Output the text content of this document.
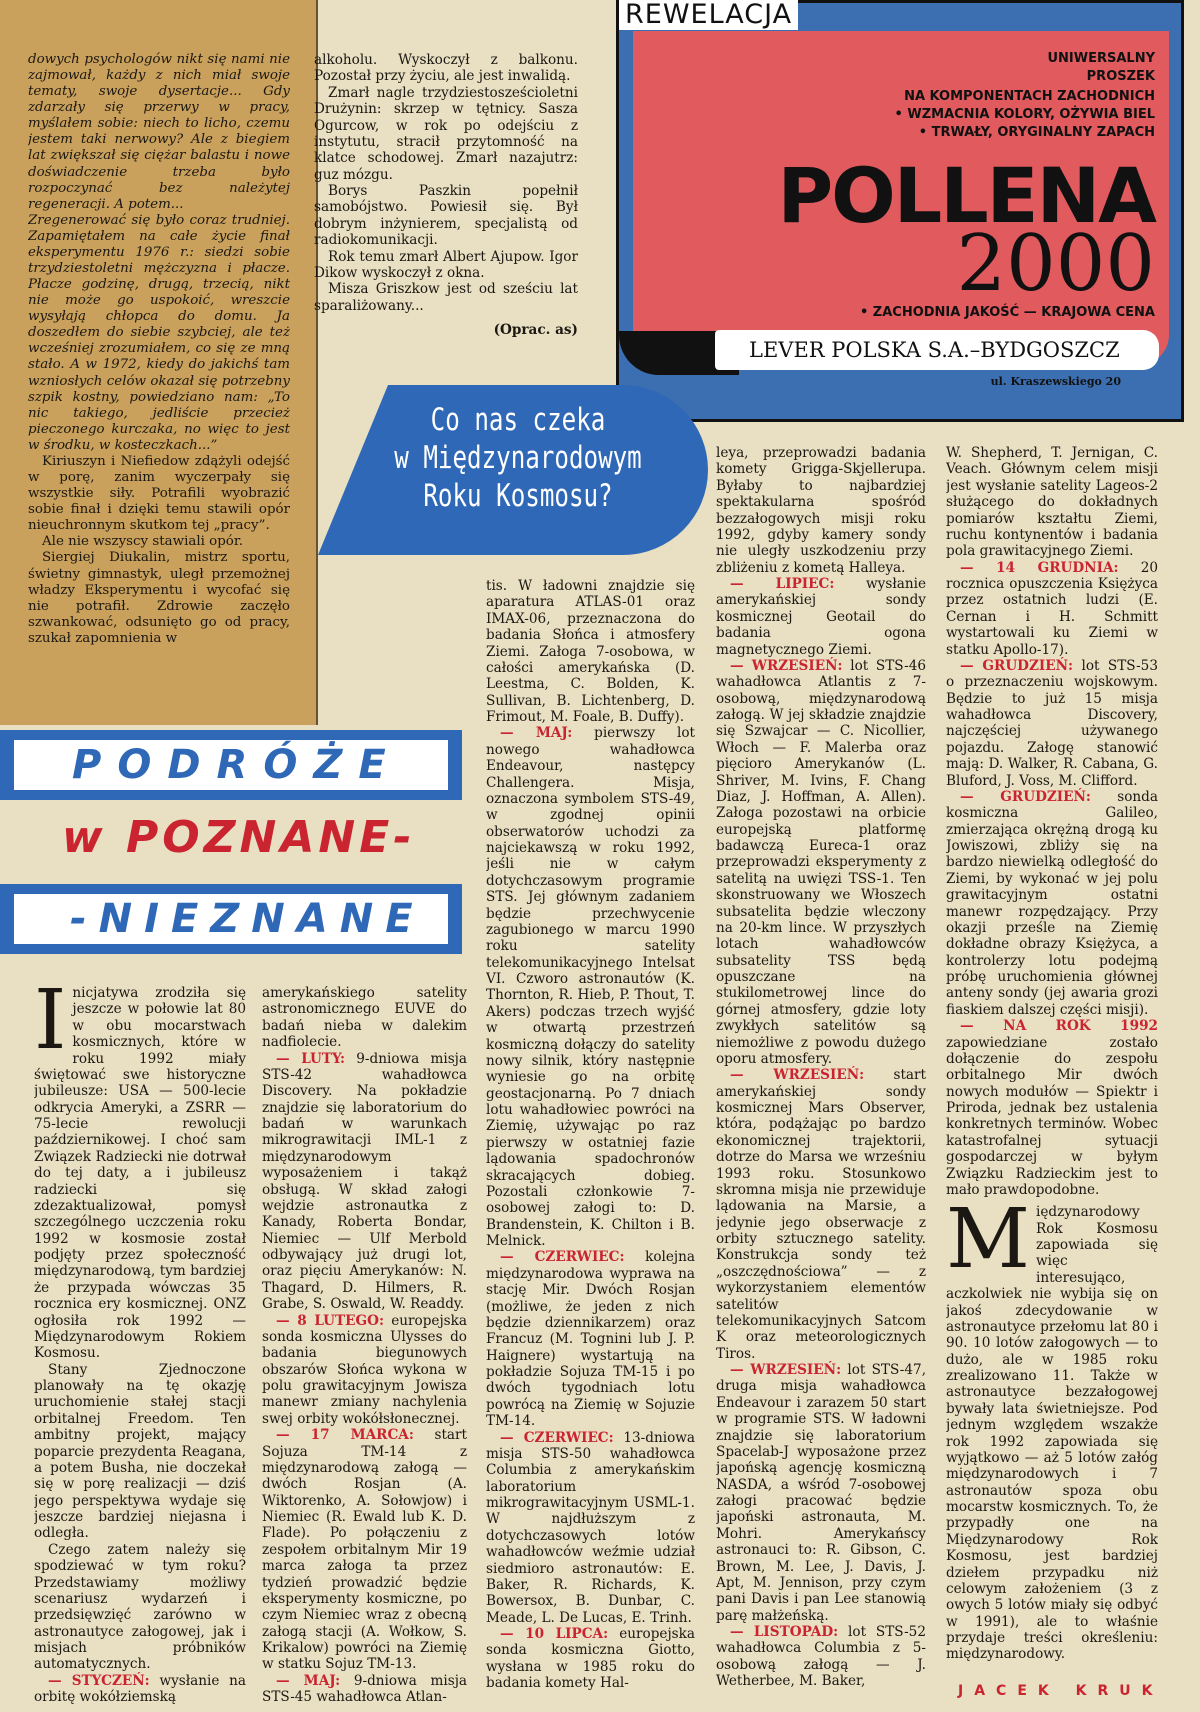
dowych psychologów nikt się nami nie zajmował, każdy z nich miał swoje tematy, swoje dysertacje... Gdy zdarzały się przerwy w pracy, myślałem sobie: niech to licho, czemu jestem taki nerwowy? Ale z biegiem lat zwiększał się ciężar balastu i nowe doświadczenie trzeba było rozpoczynać bez należytej regeneracji. A potem...

Zregenerować się było coraz trudniej. Zapamiętałem na całe życie finał eksperymentu 1976 r.: siedzi sobie trzydziestoletni mężczyzna i płacze. Płacze godzinę, drugą, trzecią, nikt nie może go uspokoić, wreszcie wysyłają chłopca do domu. Ja doszedłem do siebie szybciej, ale też wcześniej zrozumiałem, co się ze mną stało. A w 1972, kiedy do jakichś tam wzniosłych celów okazał się potrzebny szpik kostny, powiedziano nam: „To nic takiego, jedliście przecież pieczonego kurczaka, no więc to jest w środku, w kosteczkach...”

Kiriuszyn i Niefiedow zdążyli odejść w porę, zanim wyczerpały się wszystkie siły. Potrafili wyobrazić sobie finał i dzięki temu stawili opór nieuchronnym skutkom tej „pracy”.

Ale nie wszyscy stawiali opór.

Siergiej Diukalin, mistrz sportu, świetny gimnastyk, uległ przemożnej władzy Eksperymentu i wycofać się nie potrafił. Zdrowie zaczęło szwankować, odsunięto go od pracy, szukał zapomnienia w

alkoholu. Wyskoczył z balkonu. Pozostał przy życiu, ale jest inwalidą.

Zmarł nagle trzydziestosześcioletni Drużynin: skrzep w tętnicy. Sasza Ogurcow, w rok po odejściu z instytutu, stracił przytomność na klatce schodowej. Zmarł nazajutrz: guz mózgu.

Borys Paszkin popełnił samobójstwo. Powiesił się. Był dobrym inżynierem, specjalistą od radiokomunikacji.

Rok temu zmarł Albert Ajupow. Igor Dikow wyskoczył z okna.

Misza Griszkow jest od sześciu lat sparaliżowany...

(Oprac. as)
REWELACJA
UNIWERSALNY
PROSZEK
NA KOMPONENTACH ZACHODNICH
• WZMACNIA KOLORY, OŻYWIA BIEL
• TRWAŁY, ORYGINALNY ZAPACH
POLLENA
2000
• ZACHODNIA JAKOŚĆ — KRAJOWA CENA
LEVER POLSKA S.A.–BYDGOSZCZ
ul. Kraszewskiego 20
Co nas czeka
w Międzynarodowym
Roku Kosmosu?
PODRÓŻE
w POZNANE-
-NIEZNANE
I nicjatywa zrodziła się jeszcze w połowie lat 80 w obu mocarstwach kosmicznych, które w roku 1992 miały świętować swe historyczne jubileusze: USA — 500-lecie odkrycia Ameryki, a ZSRR — 75-lecie rewolucji październikowej. I choć sam Związek Radziecki nie dotrwał do tej daty, a i jubileusz radziecki się zdezaktualizował, pomysł szczególnego uczczenia roku 1992 w kosmosie został podjęty przez społeczność międzynarodową, tym bardziej że przypada wówczas 35 rocznica ery kosmicznej. ONZ ogłosiła rok 1992 — Międzynarodowym Rokiem Kosmosu.

Stany Zjednoczone planowały na tę okazję uruchomienie stałej stacji orbitalnej Freedom. Ten ambitny projekt, mający poparcie prezydenta Reagana, a potem Busha, nie doczekał się w porę realizacji — dziś jego perspektywa wydaje się jeszcze bardziej niejasna i odległa.

Czego zatem należy się spodziewać w tym roku? Przedstawiamy możliwy scenariusz wydarzeń i przedsięwzięć zarówno w astronautyce załogowej, jak i misjach próbników automatycznych.

— STYCZEŃ: wysłanie na orbitę wokółziemską

amerykańskiego satelity astronomicznego EUVE do badań nieba w dalekim nadfiolecie.

— LUTY: 9-dniowa misja STS-42 wahadłowca Discovery. Na pokładzie znajdzie się laboratorium do badań w warunkach mikrograwitacji IML-1 z międzynarodowym wyposażeniem i takąż obsługą. W skład załogi wejdzie astronautka z Kanady, Roberta Bondar, Niemiec — Ulf Merbold odbywający już drugi lot, oraz pięciu Amerykanów: N. Thagard, D. Hilmers, R. Grabe, S. Oswald, W. Readdy.

— 8 LUTEGO: europejska sonda kosmiczna Ulysses do badania biegunowych obszarów Słońca wykona w polu grawitacyjnym Jowisza manewr zmiany nachylenia swej orbity wokółsłonecznej.

— 17 MARCA: start Sojuza TM-14 z międzynarodową załogą — dwóch Rosjan (A. Wiktorenko, A. Sołowjow) i Niemiec (R. Ewald lub K. D. Flade). Po połączeniu z zespołem orbitalnym Mir 19 marca załoga ta przez tydzień prowadzić będzie eksperymenty kosmiczne, po czym Niemiec wraz z obecną załogą stacji (A. Wołkow, S. Krikalow) powróci na Ziemię w statku Sojuz TM-13.

— MAJ: 9-dniowa misja STS-45 wahadłowca Atlan-

tis. W ładowni znajdzie się aparatura ATLAS-01 oraz IMAX-06, przeznaczona do badania Słońca i atmosfery Ziemi. Załoga 7-osobowa, w całości amerykańska (D. Leestma, C. Bolden, K. Sullivan, B. Lichtenberg, D. Frimout, M. Foale, B. Duffy).

— MAJ: pierwszy lot nowego wahadłowca Endeavour, następcy Challengera. Misja, oznaczona symbolem STS-49, w zgodnej opinii obserwatorów uchodzi za najciekawszą w roku 1992, jeśli nie w całym dotychczasowym programie STS. Jej głównym zadaniem będzie przechwycenie zagubionego w marcu 1990 roku satelity telekomunikacyjnego Intelsat VI. Czworo astronautów (K. Thornton, R. Hieb, P. Thout, T. Akers) podczas trzech wyjść w otwartą przestrzeń kosmiczną dołączy do satelity nowy silnik, który następnie wyniesie go na orbitę geostacjonarną. Po 7 dniach lotu wahadłowiec powróci na Ziemię, używając po raz pierwszy w ostatniej fazie lądowania spadochronów skracających dobieg. Pozostali członkowie 7-osobowej załogi to: D. Brandenstein, K. Chilton i B. Melnick.

— CZERWIEC: kolejna międzynarodowa wyprawa na stację Mir. Dwóch Rosjan (możliwe, że jeden z nich będzie dziennikarzem) oraz Francuz (M. Tognini lub J. P. Haignere) wystartują na pokładzie Sojuza TM-15 i po dwóch tygodniach lotu powrócą na Ziemię w Sojuzie TM-14.

— CZERWIEC: 13-dniowa misja STS-50 wahadłowca Columbia z amerykańskim laboratorium mikrograwitacyjnym USML-1. W najdłuższym z dotychczasowych lotów wahadłowców weźmie udział siedmioro astronautów: E. Baker, R. Richards, K. Bowersox, B. Dunbar, C. Meade, L. De Lucas, E. Trinh.

— 10 LIPCA: europejska sonda kosmiczna Giotto, wysłana w 1985 roku do badania komety Hal-

leya, przeprowadzi badania komety Grigga-Skjellerupa. Byłaby to najbardziej spektakularna spośród bezzałogowych misji roku 1992, gdyby kamery sondy nie uległy uszkodzeniu przy zbliżeniu z kometą Halleya.

— LIPIEC: wysłanie amerykańskiej sondy kosmicznej Geotail do badania ogona magnetycznego Ziemi.

— WRZESIEŃ: lot STS-46 wahadłowca Atlantis z 7-osobową, międzynarodową załogą. W jej składzie znajdzie się Szwajcar — C. Nicollier, Włoch — F. Malerba oraz pięciorо Amerykanów (L. Shriver, M. Ivins, F. Chang Diaz, J. Hoffman, A. Allen). Załoga pozostawi na orbicie europejską platformę badawczą Eureca-1 oraz przeprowadzi eksperymenty z satelitą na uwięzi TSS-1. Ten skonstruowany we Włoszech subsatelita będzie wleczony na 20-km lince. W przyszłych lotach wahadłowców subsatelity TSS będą opuszczane na stukilometrowej lince do górnej atmosfery, gdzie loty zwykłych satelitów są niemożliwe z powodu dużego oporu atmosfery.

— WRZESIEŃ: start amerykańskiej sondy kosmicznej Mars Observer, która, podążając po bardzo ekonomicznej trajektorii, dotrze do Marsa we wrześniu 1993 roku. Stosunkowo skromna misja nie przewiduje lądowania na Marsie, a jedynie jego obserwacje z orbity sztucznego satelity. Konstrukcja sondy też „oszczędnościowa” — z wykorzystaniem elementów satelitów telekomunikacyjnych Satcom K oraz meteorologicznych Tiros.

— WRZESIEŃ: lot STS-47, druga misja wahadłowca Endeavour i zarazem 50 start w programie STS. W ładowni znajdzie się laboratorium Spacelab-J wyposażone przez japońską agencję kosmiczną NASDA, a wśród 7-osobowej załogi pracować będzie japoński astronauta, M. Mohri. Amerykańscy astronauci to: R. Gibson, C. Brown, M. Lee, J. Davis, J. Apt, M. Jennison, przy czym pani Davis i pan Lee stanowią parę małżeńską.

— LISTOPAD: lot STS-52 wahadłowca Columbia z 5-osobową załogą — J. Wetherbee, M. Baker,

W. Shepherd, T. Jernigan, C. Veach. Głównym celem misji jest wysłanie satelity Lageos-2 służącego do dokładnych pomiarów kształtu Ziemi, ruchu kontynentów i badania pola grawitacyjnego Ziemi.

— 14 GRUDNIA: 20 rocznica opuszczenia Księżyca przez ostatnich ludzi (E. Cernan i H. Schmitt wystartowali ku Ziemi w statku Apollo-17).

— GRUDZIEŃ: lot STS-53 o przeznaczeniu wojskowym. Będzie to już 15 misja wahadłowca Discovery, najczęściej używanego pojazdu. Załogę stanowić mają: D. Walker, R. Cabana, G. Bluford, J. Voss, M. Clifford.

— GRUDZIEŃ: sonda kosmiczna Galileo, zmierzająca okrężną drogą ku Jowiszowi, zbliży się na bardzo niewielką odległość do Ziemi, by wykonać w jej polu grawitacyjnym ostatni manewr rozpędzający. Przy okazji prześle na Ziemię dokładne obrazy Księżyca, a kontrolerzy lotu podejmą próbę uruchomienia głównej anteny sondy (jej awaria grozi fiaskiem dalszej części misji).

— NA ROK 1992 zapowiedziane zostało dołączenie do zespołu orbitalnego Mir dwóch nowych modułów — Spiektr i Priroda, jednak bez ustalenia konkretnych terminów. Wobec katastrofalnej sytuacji gospodarczej w byłym Związku Radzieckim jest to mało prawdopodobne.

M iędzynarodowy Rok Kosmosu zapowiada się więc interesująco, aczkolwiek nie wybija się on jakoś zdecydowanie w astronautyce przełomu lat 80 i 90. 10 lotów załogowych — to dużo, ale w 1985 roku zrealizowano 11. Także w astronautyce bezzałogowej bywały lata świetniejsze. Pod jednym względem wszakże rok 1992 zapowiada się wyjątkowo — aż 5 lotów załóg międzynarodowych i 7 astronautów spoza obu mocarstw kosmicznych. To, że przypadły one na Międzynarodowy Rok Kosmosu, jest bardziej dziełem przypadku niż celowym założeniem (3 z owych 5 lotów miały się odbyć w 1991), ale to właśnie przydaje treści określeniu: międzynarodowy.

JACEK KRUK
